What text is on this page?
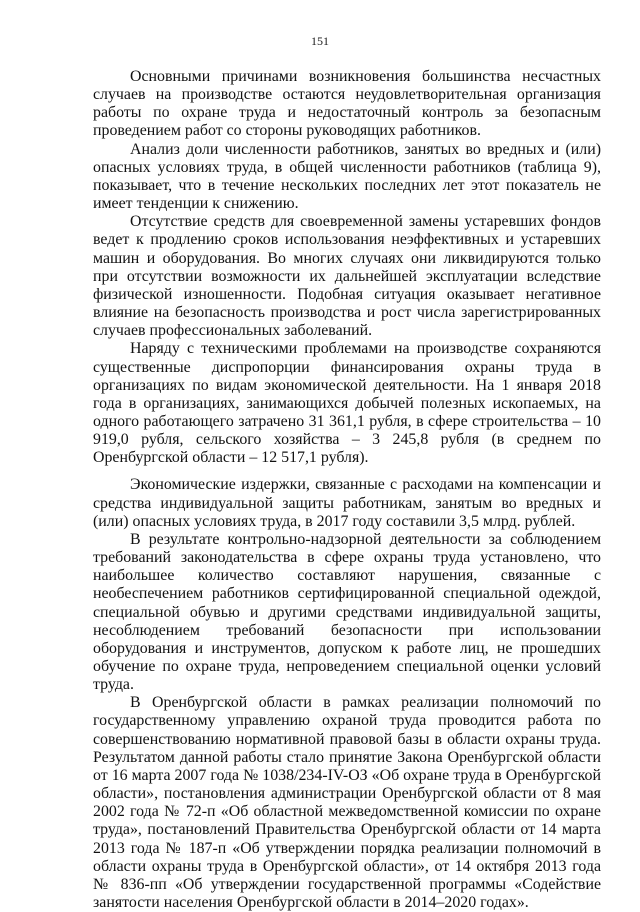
151

Основными причинами возникновения большинства несчастных случаев на производстве остаются неудовлетворительная организация работы по охране труда и недостаточный контроль за безопасным проведением работ со стороны руководящих работников.

Анализ доли численности работников, занятых во вредных и (или) опасных условиях труда, в общей численности работников (таблица 9), показывает, что в течение нескольких последних лет этот показатель не имеет тенденции к снижению.

Отсутствие средств для своевременной замены устаревших фондов ведет к продлению сроков использования неэффективных и устаревших машин и оборудования. Во многих случаях они ликвидируются только при отсутствии возможности их дальнейшей эксплуатации вследствие физической изношенности. Подобная ситуация оказывает негативное влияние на безопасность производства и рост числа зарегистрированных случаев профессиональных заболеваний.

Наряду с техническими проблемами на производстве сохраняются существенные диспропорции финансирования охраны труда в организациях по видам экономической деятельности. На 1 января 2018 года в организациях, занимающихся добычей полезных ископаемых, на одного работающего затрачено 31 361,1 рубля, в сфере строительства – 10 919,0 рубля, сельского хозяйства – 3 245,8 рубля (в среднем по Оренбургской области – 12 517,1 рубля).

Экономические издержки, связанные с расходами на компенсации и средства индивидуальной защиты работникам, занятым во вредных и (или) опасных условиях труда, в 2017 году составили 3,5 млрд. рублей.

В результате контрольно-надзорной деятельности за соблюдением требований законодательства в сфере охраны труда установлено, что наибольшее количество составляют нарушения, связанные с необеспечением работников сертифицированной специальной одеждой, специальной обувью и другими средствами индивидуальной защиты, несоблюдением требований безопасности при использовании оборудования и инструментов, допуском к работе лиц, не прошедших обучение по охране труда, непроведением специальной оценки условий труда.

В Оренбургской области в рамках реализации полномочий по государственному управлению охраной труда проводится работа по совершенствованию нормативной правовой базы в области охраны труда. Результатом данной работы стало принятие Закона Оренбургской области от 16 марта 2007 года № 1038/234-IV-ОЗ «Об охране труда в Оренбургской области», постановления администрации Оренбургской области от 8 мая 2002 года № 72-п «Об областной межведомственной комиссии по охране труда», постановлений Правительства Оренбургской области от 14 марта 2013 года № 187-п «Об утверждении порядка реализации полномочий в области охраны труда в Оренбургской области», от 14 октября 2013 года № 836-пп «Об утверждении государственной программы «Содействие занятости населения Оренбургской области в 2014–2020 годах».
